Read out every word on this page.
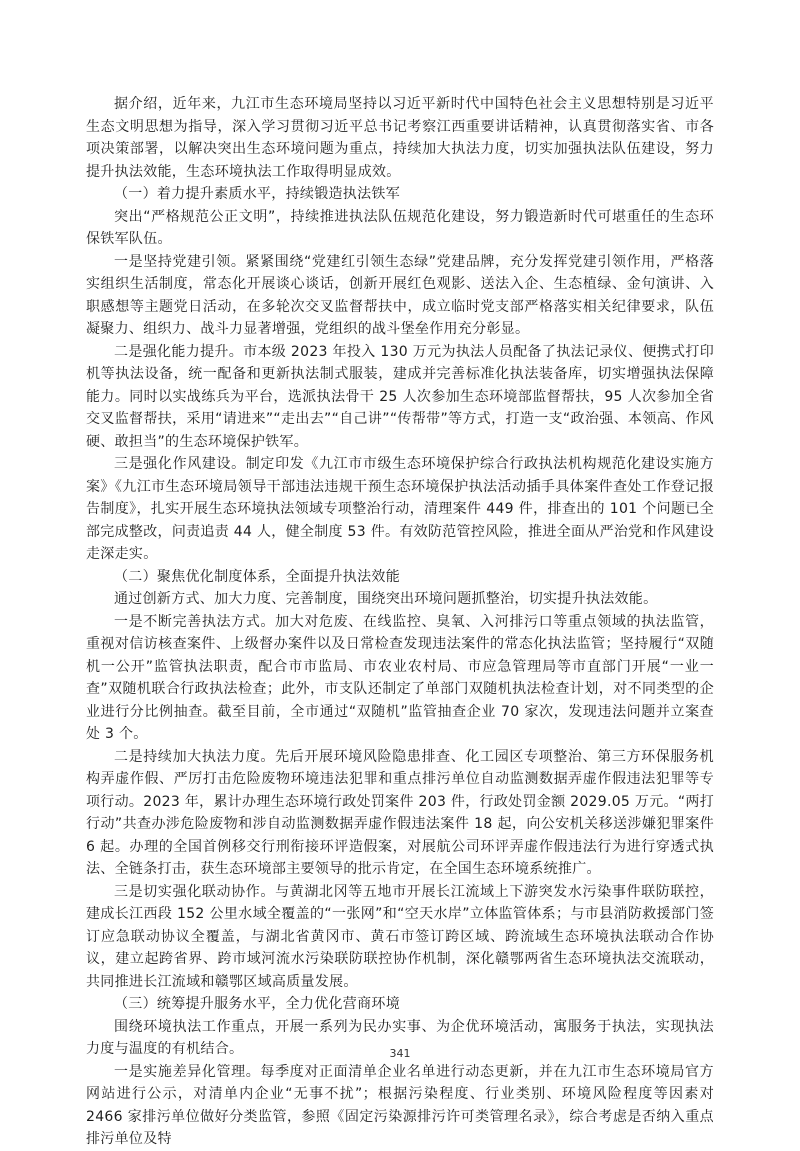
据介绍，近年来，九江市生态环境局坚持以习近平新时代中国特色社会主义思想特别是习近平生态文明思想为指导，深入学习贯彻习近平总书记考察江西重要讲话精神，认真贯彻落实省、市各项决策部署，以解决突出生态环境问题为重点，持续加大执法力度，切实加强执法队伍建设，努力提升执法效能，生态环境执法工作取得明显成效。

（一）着力提升素质水平，持续锻造执法铁军

突出“严格规范公正文明”，持续推进执法队伍规范化建设，努力锻造新时代可堪重任的生态环保铁军队伍。

一是坚持党建引领。紧紧围绕“党建红引领生态绿”党建品牌，充分发挥党建引领作用，严格落实组织生活制度，常态化开展谈心谈话，创新开展红色观影、送法入企、生态植绿、金句演讲、入职感想等主题党日活动，在多轮次交叉监督帮扶中，成立临时党支部严格落实相关纪律要求，队伍凝聚力、组织力、战斗力显著增强，党组织的战斗堡垒作用充分彰显。

二是强化能力提升。市本级 2023 年投入 130 万元为执法人员配备了执法记录仪、便携式打印机等执法设备，统一配备和更新执法制式服装，建成并完善标准化执法装备库，切实增强执法保障能力。同时以实战练兵为平台，选派执法骨干 25 人次参加生态环境部监督帮扶，95 人次参加全省交叉监督帮扶，采用“请进来”“走出去”“自己讲”“传帮带”等方式，打造一支“政治强、本领高、作风硬、敢担当”的生态环境保护铁军。

三是强化作风建设。制定印发《九江市市级生态环境保护综合行政执法机构规范化建设实施方案》《九江市生态环境局领导干部违法违规干预生态环境保护执法活动插手具体案件查处工作登记报告制度》，扎实开展生态环境执法领域专项整治行动，清理案件 449 件，排查出的 101 个问题已全部完成整改，问责追责 44 人，健全制度 53 件。有效防范管控风险，推进全面从严治党和作风建设走深走实。

（二）聚焦优化制度体系，全面提升执法效能

通过创新方式、加大力度、完善制度，围绕突出环境问题抓整治，切实提升执法效能。

一是不断完善执法方式。加大对危废、在线监控、臭氧、入河排污口等重点领域的执法监管，重视对信访核查案件、上级督办案件以及日常检查发现违法案件的常态化执法监管；坚持履行“双随机一公开”监管执法职责，配合市市监局、市农业农村局、市应急管理局等市直部门开展“一业一查”双随机联合行政执法检查；此外，市支队还制定了单部门双随机执法检查计划，对不同类型的企业进行分比例抽查。截至目前，全市通过“双随机”监管抽查企业 70 家次，发现违法问题并立案查处 3 个。

二是持续加大执法力度。先后开展环境风险隐患排查、化工园区专项整治、第三方环保服务机构弄虚作假、严厉打击危险废物环境违法犯罪和重点排污单位自动监测数据弄虚作假违法犯罪等专项行动。2023 年，累计办理生态环境行政处罚案件 203 件，行政处罚金额 2029.05 万元。“两打行动”共查办涉危险废物和涉自动监测数据弄虚作假违法案件 18 起，向公安机关移送涉嫌犯罪案件 6 起。办理的全国首例移交行刑衔接环评造假案，对展航公司环评弄虚作假违法行为进行穿透式执法、全链条打击，获生态环境部主要领导的批示肯定，在全国生态环境系统推广。

三是切实强化联动协作。与黄湖北冈等五地市开展长江流域上下游突发水污染事件联防联控，建成长江西段 152 公里水域全覆盖的“一张网”和“空天水岸”立体监管体系；与市县消防救援部门签订应急联动协议全覆盖，与湖北省黄冈市、黄石市签订跨区域、跨流域生态环境执法联动合作协议，建立起跨省界、跨市域河流水污染联防联控协作机制，深化赣鄂两省生态环境执法交流联动，共同推进长江流域和赣鄂区域高质量发展。

（三）统筹提升服务水平，全力优化营商环境

围绕环境执法工作重点，开展一系列为民办实事、为企优环境活动，寓服务于执法，实现执法力度与温度的有机结合。

一是实施差异化管理。每季度对正面清单企业名单进行动态更新，并在九江市生态环境局官方网站进行公示，对清单内企业“无事不扰”；根据污染程度、行业类别、环境风险程度等因素对 2466 家排污单位做好分类监管，参照《固定污染源排污许可类管理名录》，综合考虑是否纳入重点排污单位及特

341
